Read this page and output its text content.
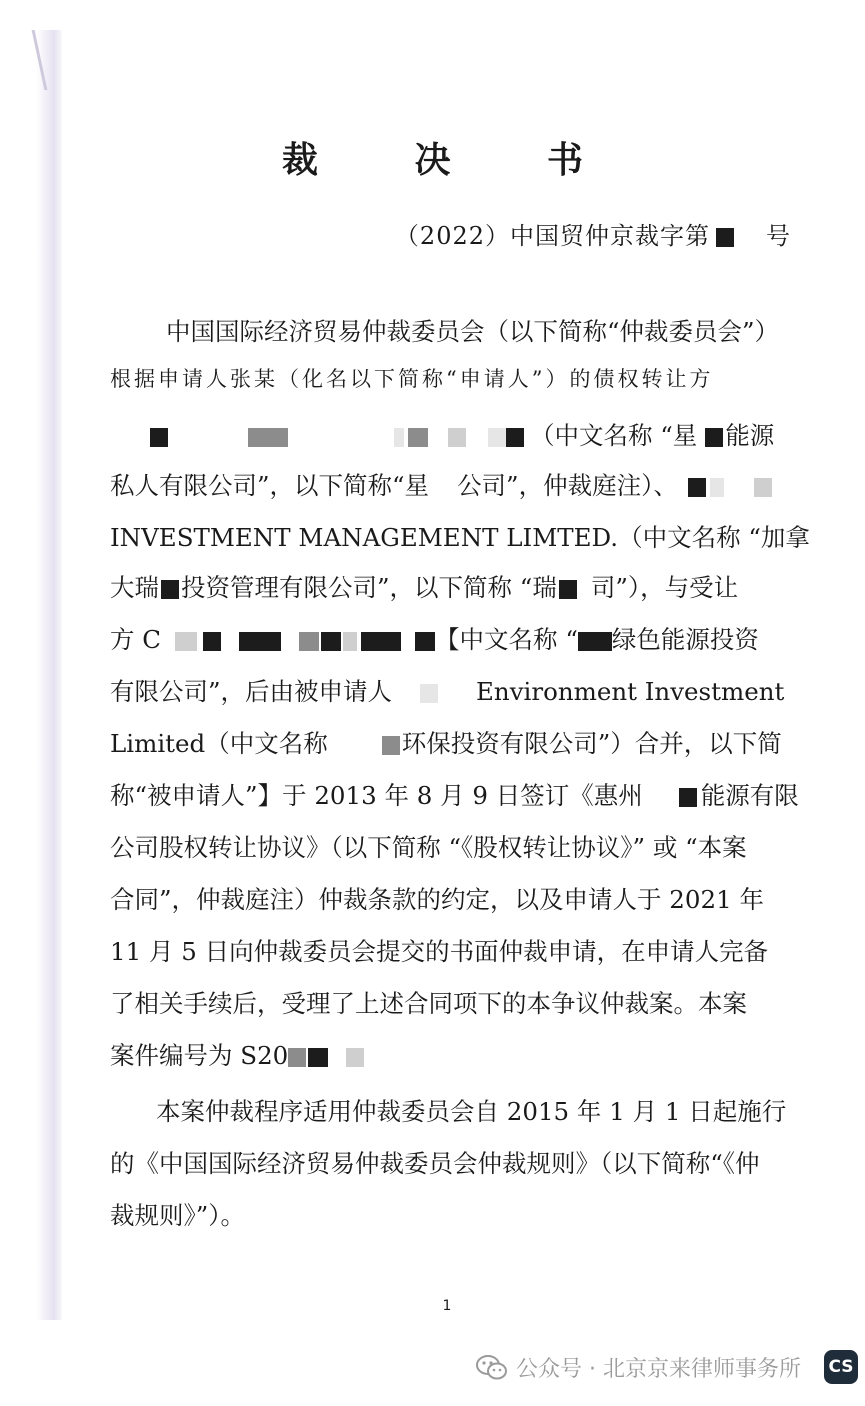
裁 决 书
（2022）中国贸仲京裁字第 号
中国国际经济贸易仲裁委员会（以下简称“仲裁委员会”）
根据申请人张某（化名以下简称“申请人”）的债权转让方
（中文名称 “星 能源
私人有限公司”，以下简称“星 公司”，仲裁庭注）、
INVESTMENT MANAGEMENT LIMTED.（中文名称 “加拿
大瑞 投资管理有限公司”，以下简称 “瑞 司”），与受让
方 C	【中文名称 “ 绿色能源投资
有限公司”，后由被申请人	Environment Investment
Limited（中文名称	环保投资有限公司”）合并，以下简
称“被申请人”】于 2013 年 8 月 9 日签订《惠州 能源有限
公司股权转让协议》（以下简称 “《股权转让协议》” 或 “本案
合同”，仲裁庭注）仲裁条款的约定，以及申请人于 2021 年
11 月 5 日向仲裁委员会提交的书面仲裁申请，在申请人完备
了相关手续后，受理了上述合同项下的本争议仲裁案。本案
案件编号为 S20
本案仲裁程序适用仲裁委员会自 2015 年 1 月 1 日起施行
的《中国国际经济贸易仲裁委员会仲裁规则》（以下简称“《仲
裁规则》”）。
1
公众号 · 北京京来律师事务所 CS
